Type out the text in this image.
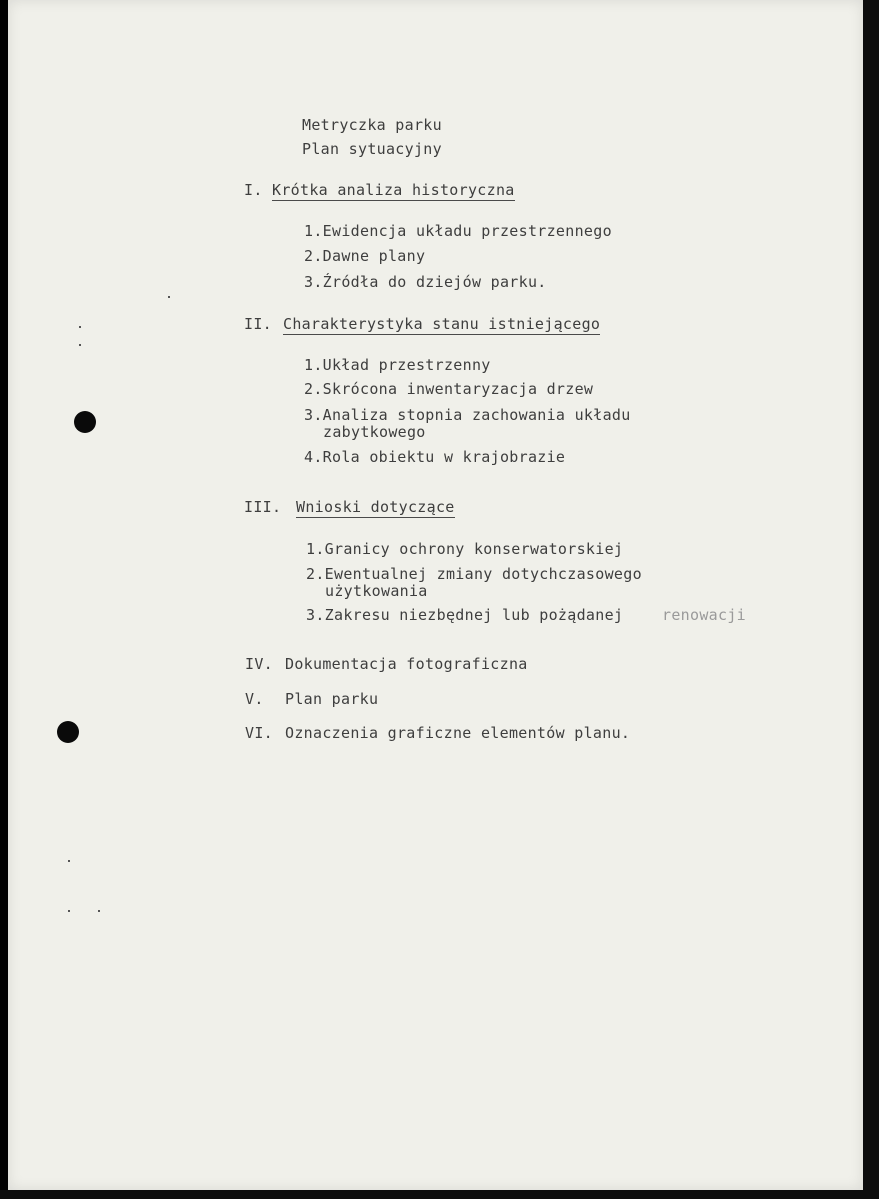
Metryczka parku
Plan sytuacyjny
I. Krótka analiza historyczna
1.Ewidencja układu przestrzennego
2.Dawne plany
3.Źródła do dziejów parku.
II. Charakterystyka stanu istniejącego
1.Układ przestrzenny
2.Skrócona inwentaryzacja drzew
3.Analiza stopnia zachowania układu
zabytkowego
4.Rola obiektu w krajobrazie
III. Wnioski dotyczące
1.Granicy ochrony konserwatorskiej
2.Ewentualnej zmiany dotychczasowego
użytkowania
3.Zakresu niezbędnej lub pożądanej	renowacji
IV. Dokumentacja fotograficzna
V. Plan parku
VI. Oznaczenia graficzne elementów planu.
